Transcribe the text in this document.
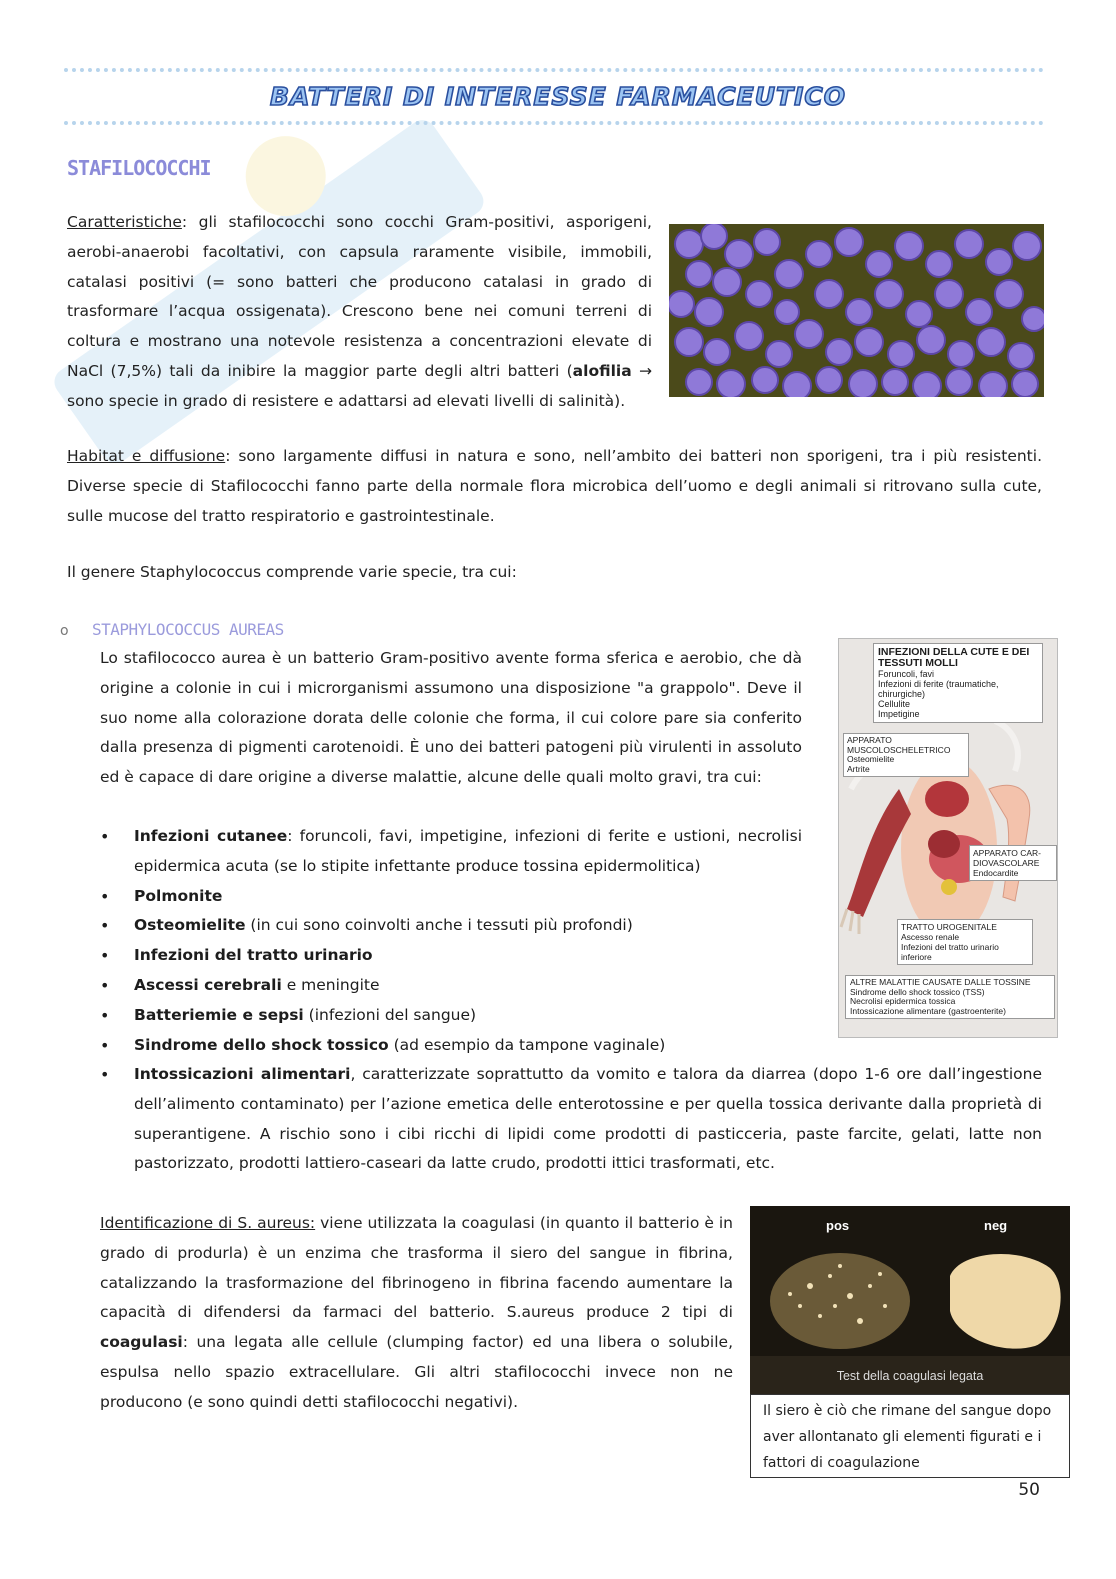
BATTERI DI INTERESSE FARMACEUTICO
STAFILOCOCCHI
Caratteristiche: gli stafilococchi sono cocchi Gram-positivi, asporigeni, aerobi-anaerobi facoltativi, con capsula raramente visibile, immobili, catalasi positivi (= sono batteri che producono catalasi in grado di trasformare l’acqua ossigenata). Crescono bene nei comuni terreni di coltura e mostrano una notevole resistenza a concentrazioni elevate di NaCl (7,5%) tali da inibire la maggior parte degli altri batteri (alofilia → sono specie in grado di resistere e adattarsi ad elevati livelli di salinità).
Habitat e diffusione: sono largamente diffusi in natura e sono, nell’ambito dei batteri non sporigeni, tra i più resistenti. Diverse specie di Stafilococchi fanno parte della normale flora microbica dell’uomo e degli animali si ritrovano sulla cute, sulle mucose del tratto respiratorio e gastrointestinale.
Il genere Staphylococcus comprende varie specie, tra cui:
o STAPHYLOCOCCUS AUREAS
Lo stafilococco aurea è un batterio Gram-positivo avente forma sferica e aerobio, che dà origine a colonie in cui i microrganismi assumono una disposizione "a grappolo". Deve il suo nome alla colorazione dorata delle colonie che forma, il cui colore pare sia conferito dalla presenza di pigmenti carotenoidi. È uno dei batteri patogeni più virulenti in assoluto ed è capace di dare origine a diverse malattie, alcune delle quali molto gravi, tra cui:
• Infezioni cutanee: foruncoli, favi, impetigine, infezioni di ferite e ustioni, necrolisi epidermica acuta (se lo stipite infettante produce tossina epidermolitica)
• Polmonite
• Osteomielite (in cui sono coinvolti anche i tessuti più profondi)
• Infezioni del tratto urinario
• Ascessi cerebrali e meningite
• Batteriemie e sepsi (infezioni del sangue)
• Sindrome dello shock tossico (ad esempio da tampone vaginale)
• Intossicazioni alimentari, caratterizzate soprattutto da vomito e talora da diarrea (dopo 1-6 ore dall’ingestione dell’alimento contaminato) per l’azione emetica delle enterotossine e per quella tossica derivante dalla proprietà di superantigene. A rischio sono i cibi ricchi di lipidi come prodotti di pasticceria, paste farcite, gelati, latte non pastorizzato, prodotti lattiero-caseari da latte crudo, prodotti ittici trasformati, etc.
INFEZIONI DELLA CUTE E DEI TESSUTI MOLLI
Foruncoli, favi
Infezioni di ferite (traumatiche, chirurgiche)
Cellulite
Impetigine
APPARATO MUSCOLOSCHELETRICO
Osteomielite
Artrite
APPARATO CAR-DIOVASCOLARE
Endocardite
TRATTO UROGENITALE
Ascesso renale
Infezioni del tratto urinario inferiore
ALTRE MALATTIE CAUSATE DALLE TOSSINE
Sindrome dello shock tossico (TSS)
Necrolisi epidermica tossica
Intossicazione alimentare (gastroenterite)
Identificazione di S. aureus: viene utilizzata la coagulasi (in quanto il batterio è in grado di produrla) è un enzima che trasforma il siero del sangue in fibrina, catalizzando la trasformazione del fibrinogeno in fibrina facendo aumentare la capacità di difendersi da farmaci del batterio. S.aureus produce 2 tipi di coagulasi: una legata alle cellule (clumping factor) ed una libera o solubile, espulsa nello spazio extracellulare. Gli altri stafilococchi invece non ne producono (e sono quindi detti stafilococchi negativi).
pos	neg
Test della coagulasi legata
Il siero è ciò che rimane del sangue dopo aver allontanato gli elementi figurati e i fattori di coagulazione
50
